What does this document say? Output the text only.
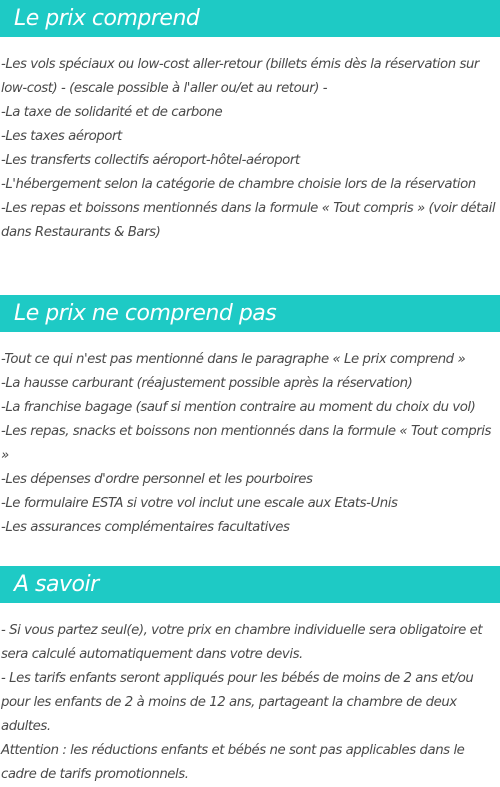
Le prix comprend
-Les vols spéciaux ou low-cost aller-retour (billets émis dès la réservation sur low-cost) - (escale possible à l'aller ou/et au retour) -
-La taxe de solidarité et de carbone
-Les taxes aéroport
-Les transferts collectifs aéroport-hôtel-aéroport
-L'hébergement selon la catégorie de chambre choisie lors de la réservation
-Les repas et boissons mentionnés dans la formule « Tout compris » (voir détail dans Restaurants & Bars)
Le prix ne comprend pas
-Tout ce qui n'est pas mentionné dans le paragraphe « Le prix comprend »
-La hausse carburant (réajustement possible après la réservation)
-La franchise bagage (sauf si mention contraire au moment du choix du vol)
-Les repas, snacks et boissons non mentionnés dans la formule « Tout compris »
-Les dépenses d'ordre personnel et les pourboires
-Le formulaire ESTA si votre vol inclut une escale aux Etats-Unis
-Les assurances complémentaires facultatives
A savoir
- Si vous partez seul(e), votre prix en chambre individuelle sera obligatoire et sera calculé automatiquement dans votre devis.
- Les tarifs enfants seront appliqués pour les bébés de moins de 2 ans et/ou pour les enfants de 2 à moins de 12 ans, partageant la chambre de deux adultes.
Attention : les réductions enfants et bébés ne sont pas applicables dans le cadre de tarifs promotionnels.
